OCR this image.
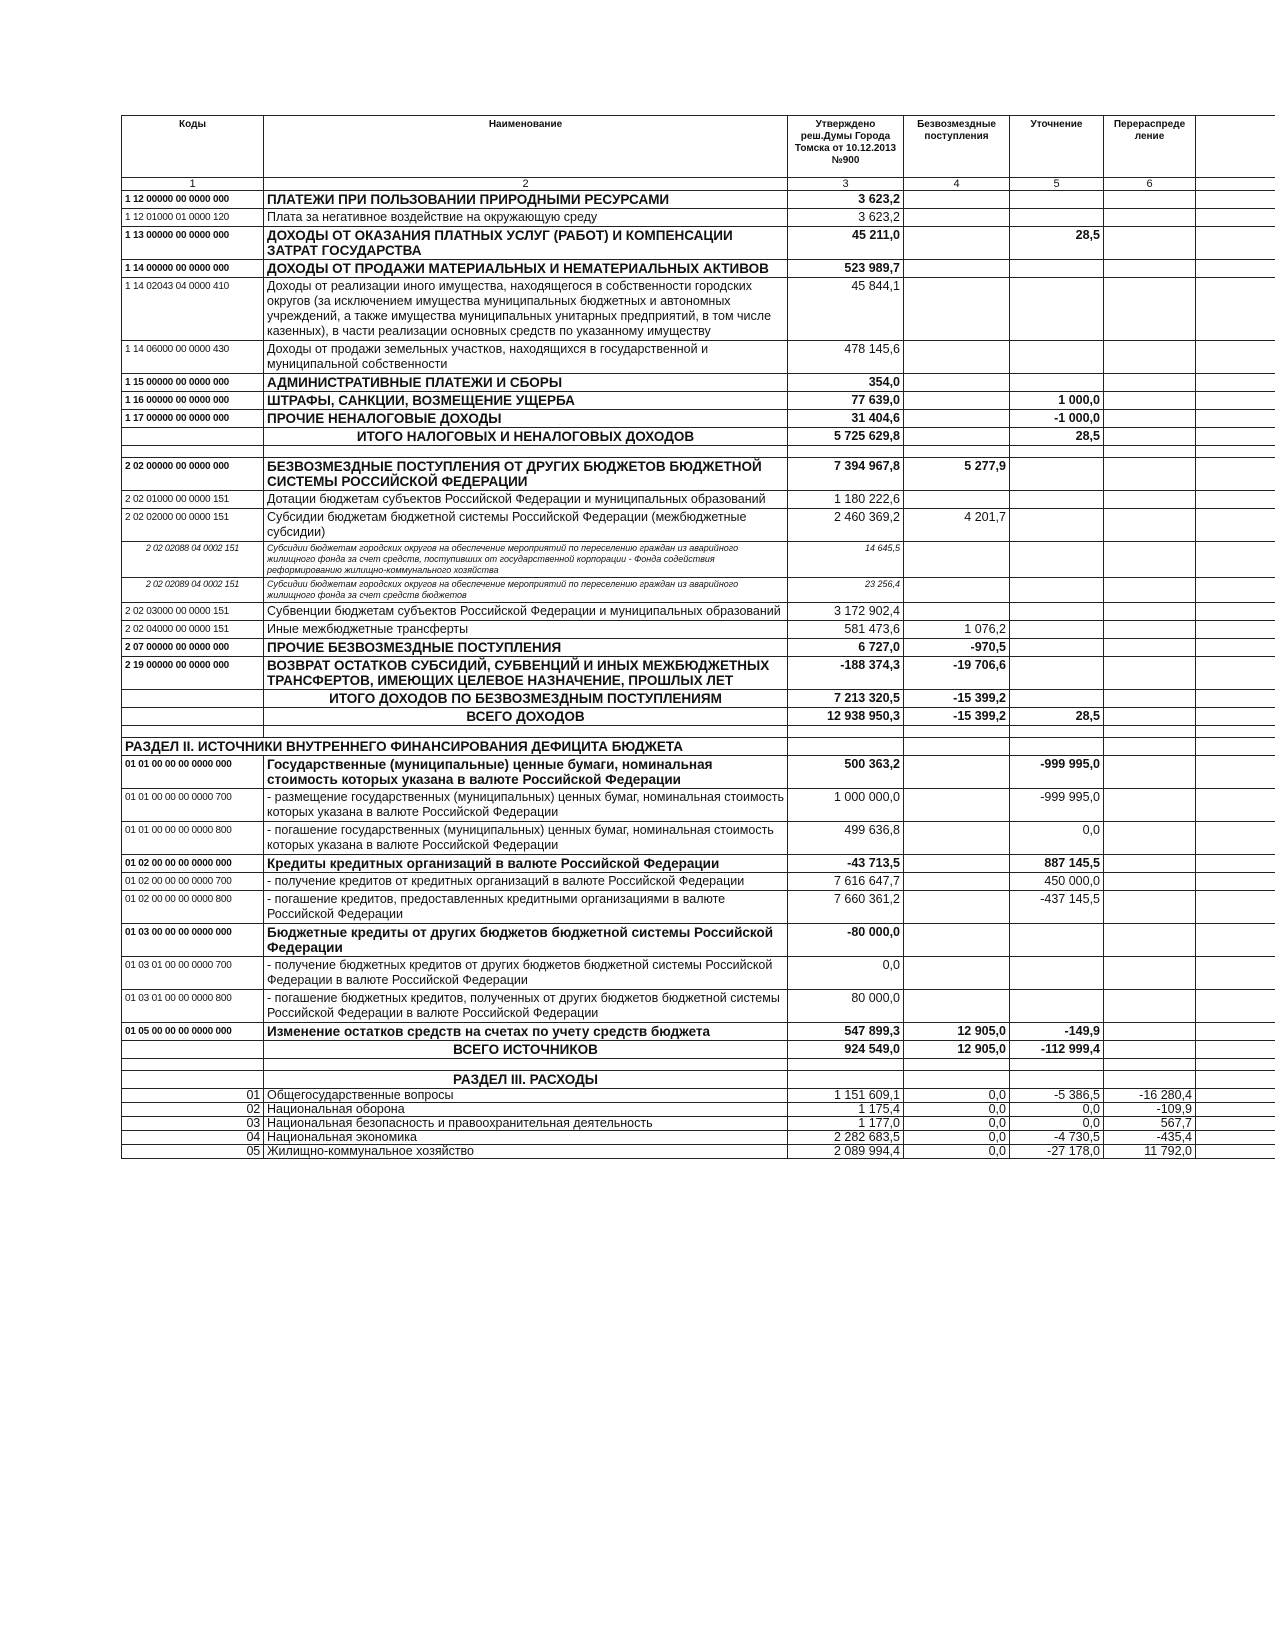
Коды	Наименование	Утверждено реш.Думы Города Томска от 10.12.2013 №900	Безвозмездные поступления	Уточнение	Перераспреде ление	
1	2	3	4	5	6	
1 12 00000 00 0000 000	ПЛАТЕЖИ ПРИ ПОЛЬЗОВАНИИ ПРИРОДНЫМИ РЕСУРСАМИ	3 623,2				
1 12 01000 01 0000 120	Плата за негативное воздействие на окружающую среду	3 623,2				
1 13 00000 00 0000 000	ДОХОДЫ ОТ ОКАЗАНИЯ ПЛАТНЫХ УСЛУГ (РАБОТ) И КОМПЕНСАЦИИ ЗАТРАТ ГОСУДАРСТВА	45 211,0		28,5		
1 14 00000 00 0000 000	ДОХОДЫ ОТ ПРОДАЖИ МАТЕРИАЛЬНЫХ И НЕМАТЕРИАЛЬНЫХ АКТИВОВ	523 989,7				
1 14 02043 04 0000 410	Доходы от реализации иного имущества, находящегося в собственности городских округов (за исключением имущества муниципальных бюджетных и автономных учреждений, а также имущества муниципальных унитарных предприятий, в том числе казенных), в части реализации основных средств по указанному имуществу	45 844,1				
1 14 06000 00 0000 430	Доходы от продажи земельных участков, находящихся в государственной и муниципальной собственности	478 145,6				
1 15 00000 00 0000 000	АДМИНИСТРАТИВНЫЕ ПЛАТЕЖИ И СБОРЫ	354,0				
1 16 00000 00 0000 000	ШТРАФЫ, САНКЦИИ, ВОЗМЕЩЕНИЕ УЩЕРБА	77 639,0		1 000,0		
1 17 00000 00 0000 000	ПРОЧИЕ НЕНАЛОГОВЫЕ ДОХОДЫ	31 404,6		-1 000,0		
	ИТОГО НАЛОГОВЫХ И НЕНАЛОГОВЫХ ДОХОДОВ	5 725 629,8		28,5		

2 02 00000 00 0000 000	БЕЗВОЗМЕЗДНЫЕ ПОСТУПЛЕНИЯ ОТ ДРУГИХ БЮДЖЕТОВ БЮДЖЕТНОЙ СИСТЕМЫ РОССИЙСКОЙ ФЕДЕРАЦИИ	7 394 967,8	5 277,9			
2 02 01000 00 0000 151	Дотации бюджетам субъектов Российской Федерации и муниципальных образований	1 180 222,6				
2 02 02000 00 0000 151	Субсидии бюджетам бюджетной системы Российской Федерации (межбюджетные субсидии)	2 460 369,2	4 201,7			
2 02 02088 04 0002 151	Субсидии бюджетам городских округов на обеспечение мероприятий по переселению граждан из аварийного жилищного фонда за счет средств, поступивших от государственной корпорации - Фонда содействия реформированию жилищно-коммунального хозяйства	14 645,5				
2 02 02089 04 0002 151	Субсидии бюджетам городских округов на обеспечение мероприятий по переселению граждан из аварийного жилищного фонда за счет средств бюджетов	23 256,4				
2 02 03000 00 0000 151	Субвенции бюджетам субъектов Российской Федерации и муниципальных образований	3 172 902,4				
2 02 04000 00 0000 151	Иные межбюджетные трансферты	581 473,6	1 076,2			
2 07 00000 00 0000 000	ПРОЧИЕ БЕЗВОЗМЕЗДНЫЕ ПОСТУПЛЕНИЯ	6 727,0	-970,5			
2 19 00000 00 0000 000	ВОЗВРАТ ОСТАТКОВ СУБСИДИЙ, СУБВЕНЦИЙ И ИНЫХ МЕЖБЮДЖЕТНЫХ ТРАНСФЕРТОВ, ИМЕЮЩИХ ЦЕЛЕВОЕ НАЗНАЧЕНИЕ, ПРОШЛЫХ ЛЕТ	-188 374,3	-19 706,6			
	ИТОГО ДОХОДОВ ПО БЕЗВОЗМЕЗДНЫМ ПОСТУПЛЕНИЯМ	7 213 320,5	-15 399,2			
	ВСЕГО ДОХОДОВ	12 938 950,3	-15 399,2	28,5		

РАЗДЕЛ II. ИСТОЧНИКИ ВНУТРЕННЕГО ФИНАНСИРОВАНИЯ ДЕФИЦИТА БЮДЖЕТА						
01 01 00 00 00 0000 000	Государственные (муниципальные) ценные бумаги, номинальная стоимость которых указана в валюте Российской Федерации	500 363,2		-999 995,0		
01 01 00 00 00 0000 700	- размещение государственных (муниципальных) ценных бумаг, номинальная стоимость которых указана в валюте Российской Федерации	1 000 000,0		-999 995,0		
01 01 00 00 00 0000 800	- погашение государственных (муниципальных) ценных бумаг, номинальная стоимость которых указана в валюте Российской Федерации	499 636,8		0,0		
01 02 00 00 00 0000 000	Кредиты кредитных организаций в валюте Российской Федерации	-43 713,5		887 145,5		
01 02 00 00 00 0000 700	- получение кредитов от кредитных организаций в валюте Российской Федерации	7 616 647,7		450 000,0		
01 02 00 00 00 0000 800	- погашение кредитов, предоставленных кредитными организациями в валюте Российской Федерации	7 660 361,2		-437 145,5		
01 03 00 00 00 0000 000	Бюджетные кредиты от других бюджетов бюджетной системы Российской Федерации	-80 000,0				
01 03 01 00 00 0000 700	- получение бюджетных кредитов от других бюджетов бюджетной системы Российской Федерации в валюте Российской Федерации	0,0				
01 03 01 00 00 0000 800	- погашение бюджетных кредитов, полученных от других бюджетов бюджетной системы Российской Федерации в валюте Российской Федерации	80 000,0				
01 05 00 00 00 0000 000	Изменение остатков средств на счетах по учету средств бюджета	547 899,3	12 905,0	-149,9		
	ВСЕГО ИСТОЧНИКОВ	924 549,0	12 905,0	-112 999,4		

	РАЗДЕЛ III. РАСХОДЫ					
01	Общегосударственные вопросы	1 151 609,1	0,0	-5 386,5	-16 280,4	
02	Национальная оборона	1 175,4	0,0	0,0	-109,9	
03	Национальная безопасность и правоохранительная деятельность	1 177,0	0,0	0,0	567,7	
04	Национальная экономика	2 282 683,5	0,0	-4 730,5	-435,4	
05	Жилищно-коммунальное хозяйство	2 089 994,4	0,0	-27 178,0	11 792,0	
